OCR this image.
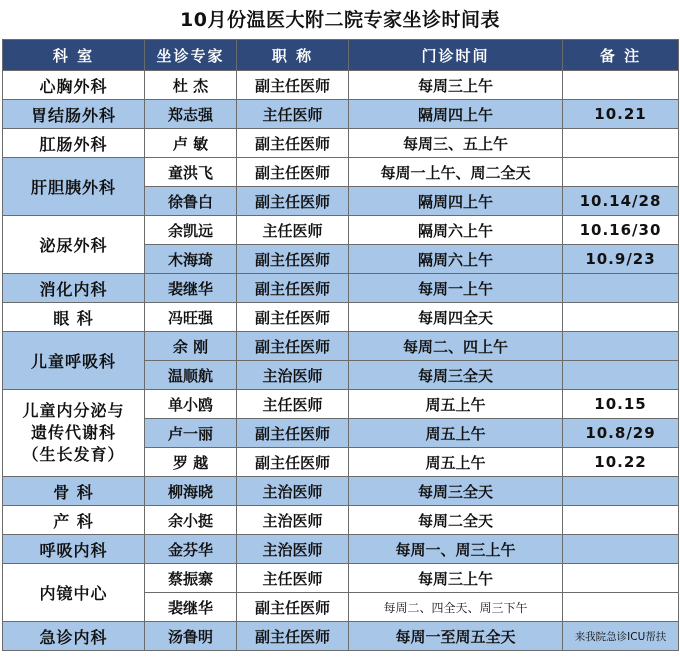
10月份温医大附二院专家坐诊时间表
科 室	坐诊专家	职 称	门诊时间	备 注
心胸外科	杜 杰	副主任医师	每周三上午	
胃结肠外科	郑志强	主任医师	隔周四上午	10.21
肛肠外科	卢 敏	副主任医师	每周三、五上午	
肝胆胰外科	童洪飞	副主任医师	每周一上午、周二全天	
	徐鲁白	副主任医师	隔周四上午	10.14/28
泌尿外科	余凯远	主任医师	隔周六上午	10.16/30
	木海琦	副主任医师	隔周六上午	10.9/23
消化内科	裴继华	副主任医师	每周一上午	
眼 科	冯旺强	副主任医师	每周四全天	
儿童呼吸科	余 刚	副主任医师	每周二、四上午	
	温顺航	主治医师	每周三全天	

儿童内分泌与
遗传代谢科
（生长发育）	单小鸥	主任医师	周五上午	10.15
	卢一丽	副主任医师	周五上午	10.8/29
	罗 越	副主任医师	周五上午	10.22
骨 科	柳海晓	主治医师	每周三全天	
产 科	余小挺	主治医师	每周二全天	
呼吸内科	金芬华	主治医师	每周一、周三上午	
内镜中心	蔡振寨	主任医师	每周三上午	
	裴继华	副主任医师	每周二、四全天、周三下午	
急诊内科	汤鲁明	副主任医师	每周一至周五全天	来我院急诊ICU帮扶
